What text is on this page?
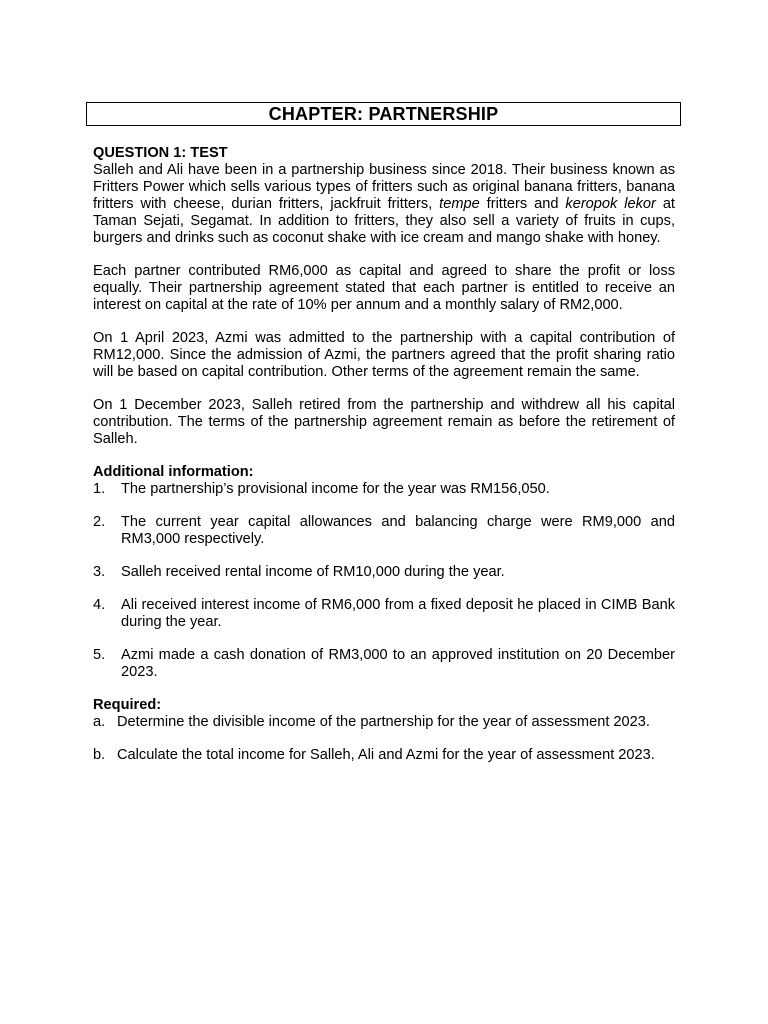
CHAPTER: PARTNERSHIP

QUESTION 1: TEST

Salleh and Ali have been in a partnership business since 2018. Their business known as Fritters Power which sells various types of fritters such as original banana fritters, banana fritters with cheese, durian fritters, jackfruit fritters, tempe fritters and keropok lekor at Taman Sejati, Segamat. In addition to fritters, they also sell a variety of fruits in cups, burgers and drinks such as coconut shake with ice cream and mango shake with honey.

Each partner contributed RM6,000 as capital and agreed to share the profit or loss equally. Their partnership agreement stated that each partner is entitled to receive an interest on capital at the rate of 10% per annum and a monthly salary of RM2,000.

On 1 April 2023, Azmi was admitted to the partnership with a capital contribution of RM12,000. Since the admission of Azmi, the partners agreed that the profit sharing ratio will be based on capital contribution. Other terms of the agreement remain the same.

On 1 December 2023, Salleh retired from the partnership and withdrew all his capital contribution. The terms of the partnership agreement remain as before the retirement of Salleh.

Additional information:

1.	The partnership’s provisional income for the year was RM156,050.
2.	The current year capital allowances and balancing charge were RM9,000 and RM3,000 respectively.
3.	Salleh received rental income of RM10,000 during the year.
4.	Ali received interest income of RM6,000 from a fixed deposit he placed in CIMB Bank during the year.
5.	Azmi made a cash donation of RM3,000 to an approved institution on 20 December 2023.

Required:

a. Determine the divisible income of the partnership for the year of assessment 2023.
b. Calculate the total income for Salleh, Ali and Azmi for the year of assessment 2023.
